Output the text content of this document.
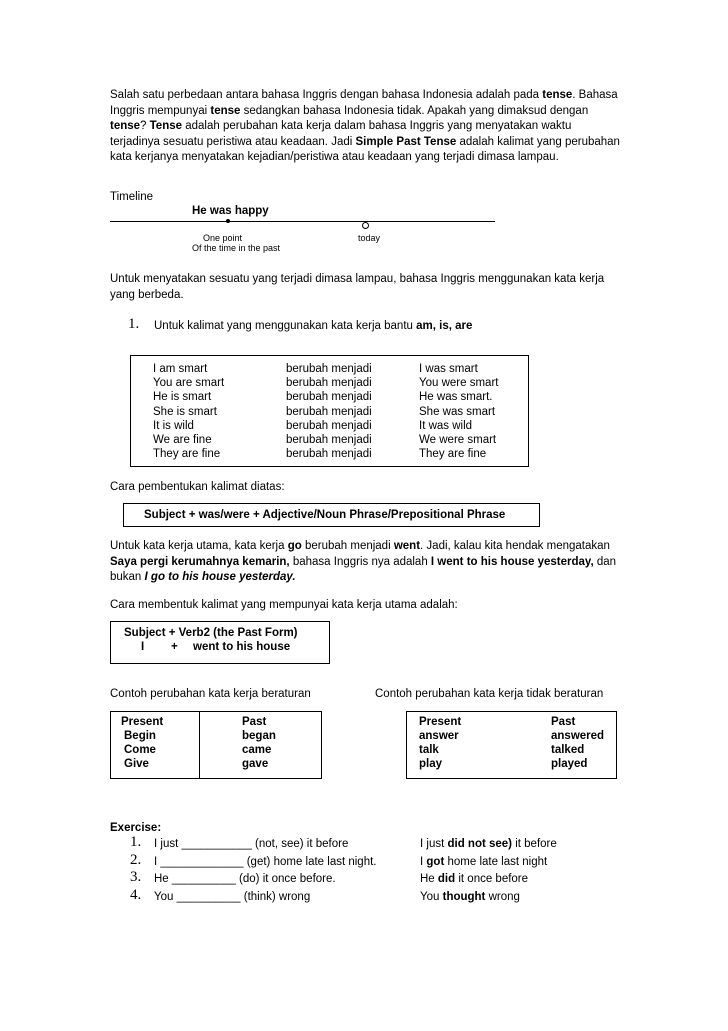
Salah satu perbedaan antara bahasa Inggris dengan bahasa Indonesia adalah pada tense. Bahasa Inggris mempunyai tense sedangkan bahasa Indonesia tidak. Apakah yang dimaksud dengan tense? Tense adalah perubahan kata kerja dalam bahasa Inggris yang menyatakan waktu terjadinya sesuatu peristiwa atau keadaan. Jadi Simple Past Tense adalah kalimat yang perubahan kata kerjanya menyatakan kejadian/peristiwa atau keadaan yang terjadi dimasa lampau.
Timeline
He was happy
One point
Of the time in the past
today
Untuk menyatakan sesuatu yang terjadi dimasa lampau, bahasa Inggris menggunakan kata kerja yang berbeda.
1. Untuk kalimat yang menggunakan kata kerja bantu am, is, are
I am smart	berubah menjadi	I was smart
You are smart	berubah menjadi	You were smart
He is smart	berubah menjadi	He was smart.
She is smart	berubah menjadi	She was smart
It is wild	berubah menjadi	It was wild
We are fine	berubah menjadi	We were smart
They are fine	berubah menjadi	They are fine
Cara pembentukan kalimat diatas:
Subject + was/were + Adjective/Noun Phrase/Prepositional Phrase
Untuk kata kerja utama, kata kerja go berubah menjadi went. Jadi, kalau kita hendak mengatakan Saya pergi kerumahnya kemarin, bahasa Inggris nya adalah I went to his house yesterday, dan bukan I go to his house yesterday.
Cara membentuk kalimat yang mempunyai kata kerja utama adalah:
Subject + Verb2 (the Past Form)
I + went to his house
Contoh perubahan kata kerja beraturan	Contoh perubahan kata kerja tidak beraturan
Present	Past
Begin	began
Come	came
Give	gave
Present	Past
answer	answered
talk	talked
play	played
Exercise:
1. I just ___________ (not, see) it before	I just did not see) it before
2. I _____________ (get) home late last night.	I got home late last night
3. He __________ (do) it once before.	He did it once before
4. You __________ (think) wrong	You thought wrong
